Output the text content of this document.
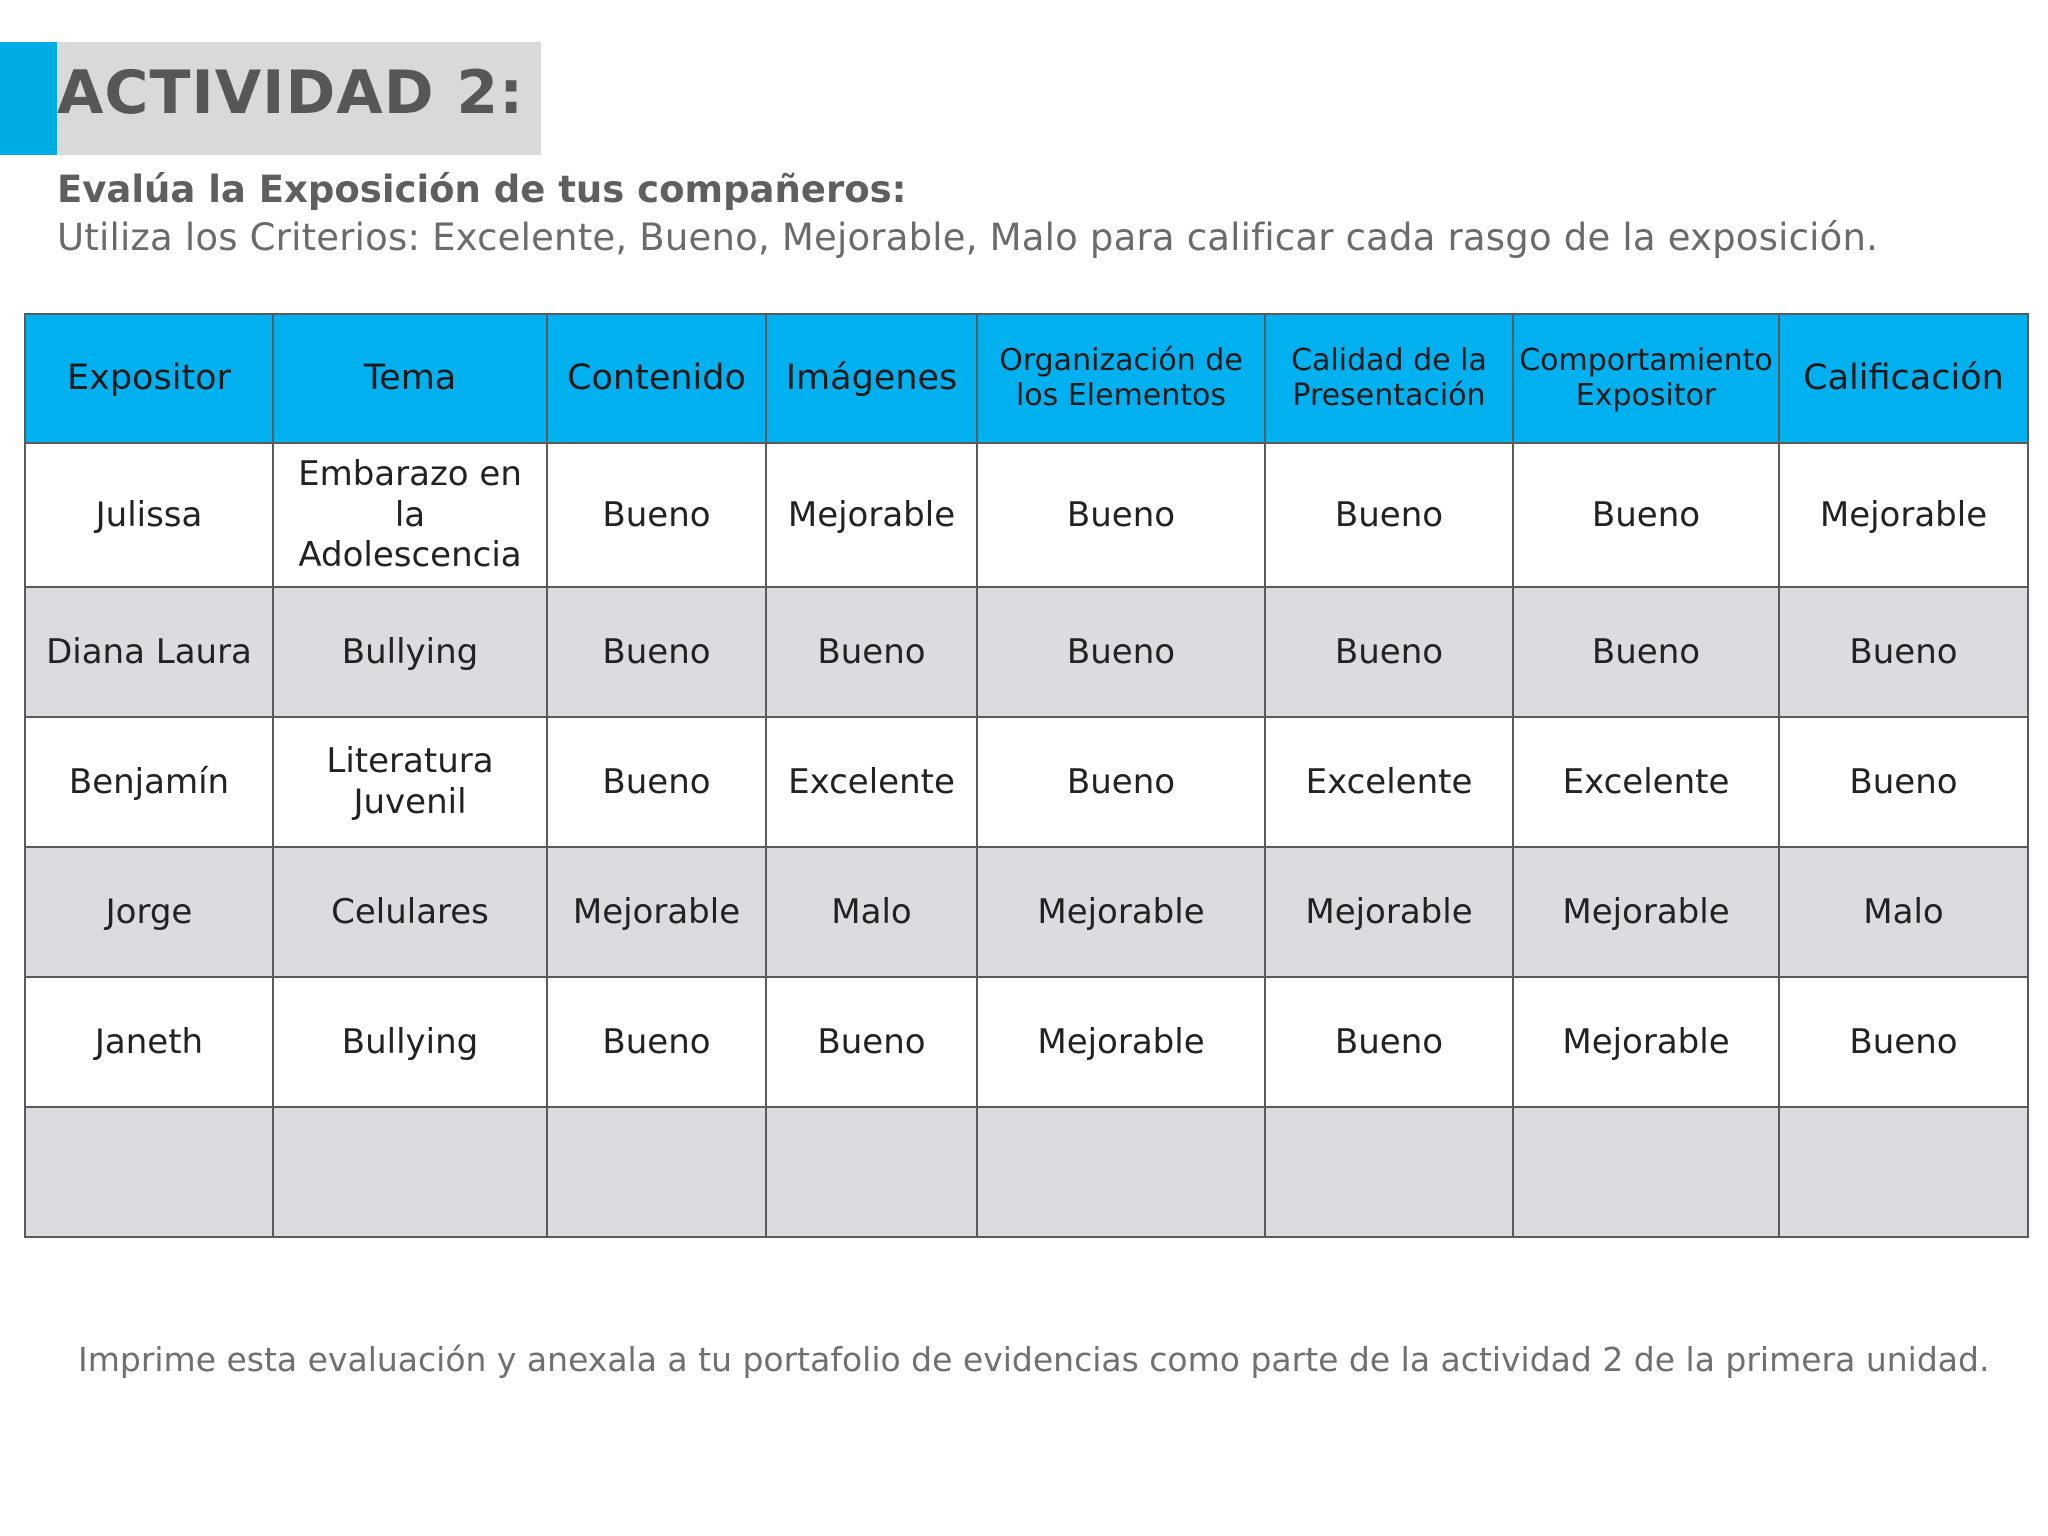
ACTIVIDAD 2:
Evalúa la Exposición de tus compañeros:
Utiliza los Criterios: Excelente, Bueno, Mejorable, Malo para calificar cada rasgo de la exposición.
Expositor	Tema	Contenido	Imágenes	Organización de los Elementos	Calidad de la Presentación	Comportamiento Expositor	Calificación
Julissa	Embarazo en la Adolescencia	Bueno	Mejorable	Bueno	Bueno	Bueno	Mejorable
Diana Laura	Bullying	Bueno	Bueno	Bueno	Bueno	Bueno	Bueno
Benjamín	Literatura Juvenil	Bueno	Excelente	Bueno	Excelente	Excelente	Bueno
Jorge	Celulares	Mejorable	Malo	Mejorable	Mejorable	Mejorable	Malo
Janeth	Bullying	Bueno	Bueno	Mejorable	Bueno	Mejorable	Bueno

Imprime esta evaluación y anexala a tu portafolio de evidencias como parte de la actividad 2 de la primera unidad.
